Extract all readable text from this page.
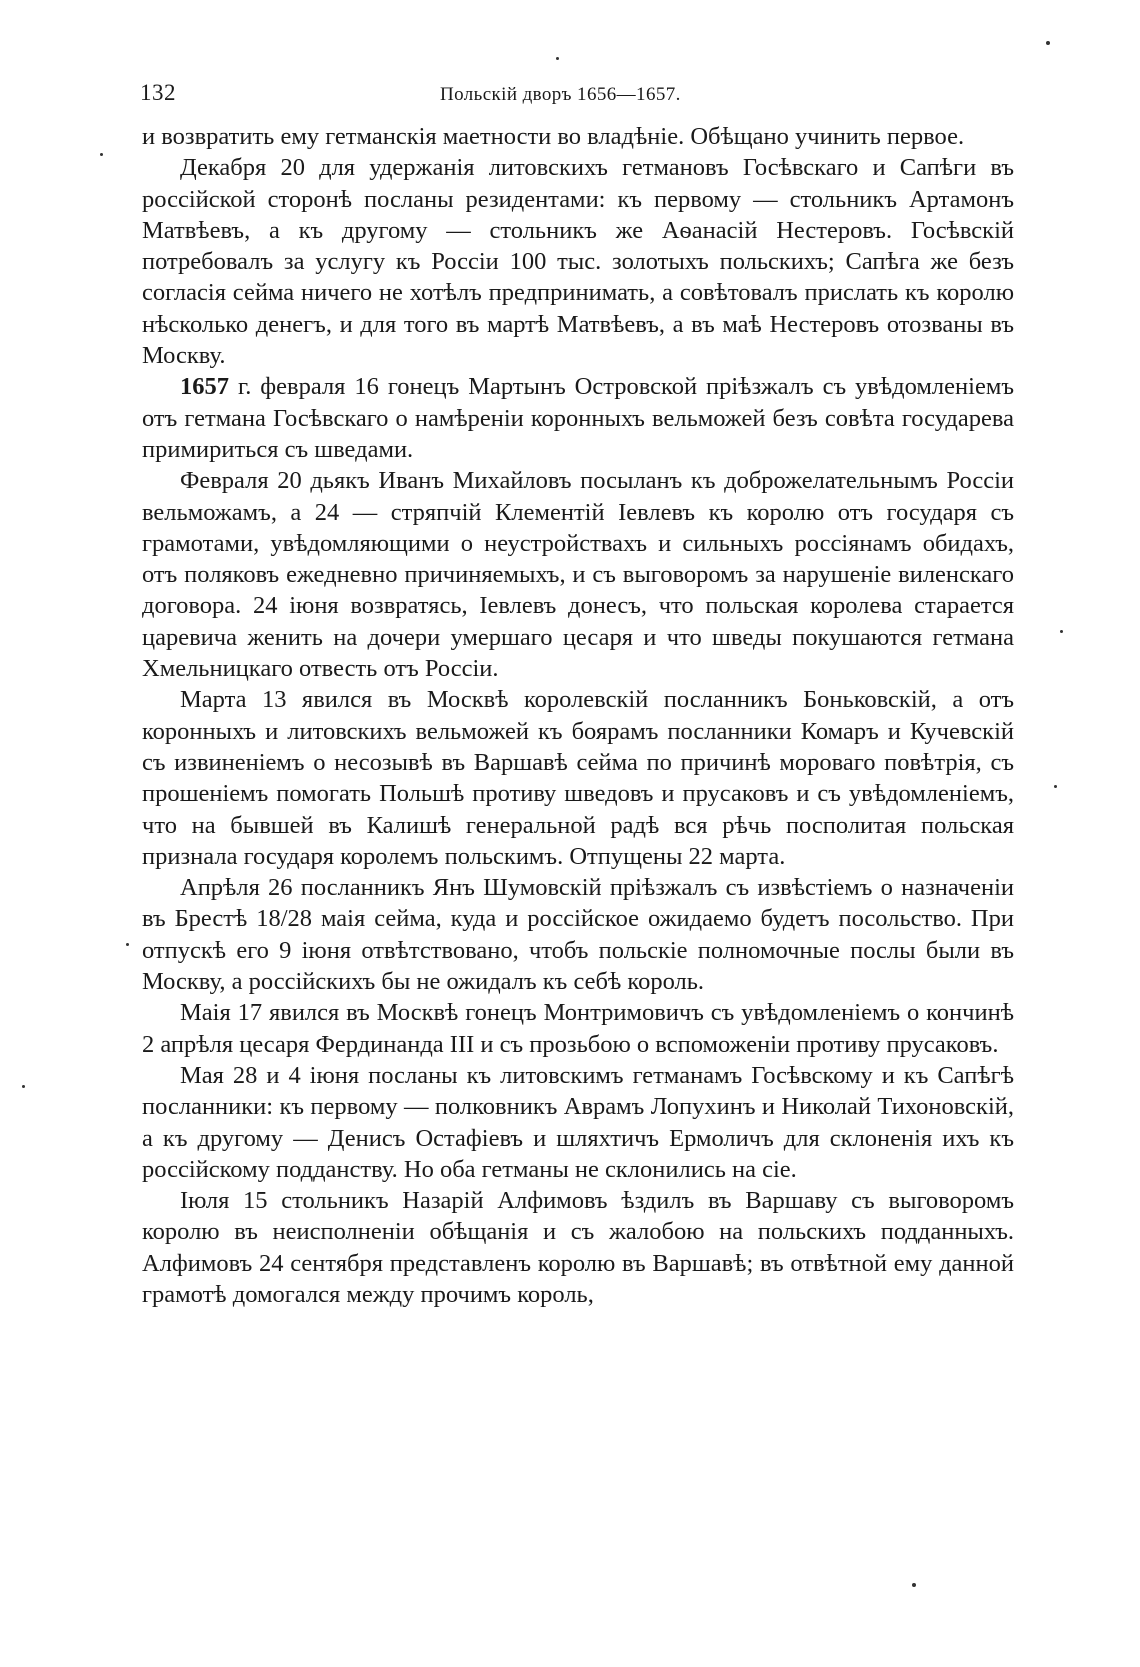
132	Польскій дворъ 1656—1657.

и возвратить ему гетманскія маетности во владѣніе. Обѣщано учинить первое.

Декабря 20 для удержанія литовскихъ гетмановъ Госѣвскаго и Сапѣги въ россійской сторонѣ посланы резидентами: къ первому — стольникъ Артамонъ Матвѣевъ, а къ другому — стольникъ же Аѳанасій Нестеровъ. Госѣвскій потребовалъ за услугу къ Россіи 100 тыс. золотыхъ польскихъ; Сапѣга же безъ согласія сейма ничего не хотѣлъ предпринимать, а совѣтовалъ прислать къ королю нѣсколько денегъ, и для того въ мартѣ Матвѣевъ, а въ маѣ Нестеровъ отозваны въ Москву.

1657 г. февраля 16 гонецъ Мартынъ Островской пріѣзжалъ съ увѣдомленіемъ отъ гетмана Госѣвскаго о намѣреніи коронныхъ вельможей безъ совѣта государева примириться съ шведами.

Февраля 20 дьякъ Иванъ Михайловъ посыланъ къ доброжелательнымъ Россіи вельможамъ, а 24 — стряпчій Клементій Іевлевъ къ королю отъ государя съ грамотами, увѣдомляющими о неустройствахъ и сильныхъ россіянамъ обидахъ, отъ поляковъ ежедневно причиняемыхъ, и съ выговоромъ за нарушеніе виленскаго договора. 24 іюня возвратясь, Іевлевъ донесъ, что польская королева старается царевича женить на дочери умершаго цесаря и что шведы покушаются гетмана Хмельницкаго отвесть отъ Россіи.

Марта 13 явился въ Москвѣ королевскій посланникъ Боньковскій, а отъ коронныхъ и литовскихъ вельможей къ боярамъ посланники Комаръ и Кучевскій съ извиненіемъ о несозывѣ въ Варшавѣ сейма по причинѣ мороваго повѣтрія, съ прошеніемъ помогать Польшѣ противу шведовъ и прусаковъ и съ увѣдомленіемъ, что на бывшей въ Калишѣ генеральной радѣ вся рѣчь посполитая польская признала государя королемъ польскимъ. Отпущены 22 марта.

Апрѣля 26 посланникъ Янъ Шумовскій пріѣзжалъ съ извѣстіемъ о назначеніи въ Брестѣ 18/28 маія сейма, куда и россійское ожидаемо будетъ посольство. При отпускѣ его 9 іюня отвѣтствовано, чтобъ польскіе полномочные послы были въ Москву, а россійскихъ бы не ожидалъ къ себѣ король.

Маія 17 явился въ Москвѣ гонецъ Монтримовичъ съ увѣдомленіемъ о кончинѣ 2 апрѣля цесаря Фердинанда III и съ прозьбою о вспоможеніи противу прусаковъ.

Мая 28 и 4 іюня посланы къ литовскимъ гетманамъ Госѣвскому и къ Сапѣгѣ посланники: къ первому — полковникъ Аврамъ Лопухинъ и Николай Тихоновскій, а къ другому — Денисъ Остафіевъ и шляхтичъ Ермоличъ для склоненія ихъ къ россійскому подданству. Но оба гетманы не склонились на сіе.

Іюля 15 стольникъ Назарій Алфимовъ ѣздилъ въ Варшаву съ выговоромъ королю въ неисполненіи обѣщанія и съ жалобою на польскихъ подданныхъ. Алфимовъ 24 сентября представленъ королю въ Варшавѣ; въ отвѣтной ему данной грамотѣ домогался между прочимъ король,
